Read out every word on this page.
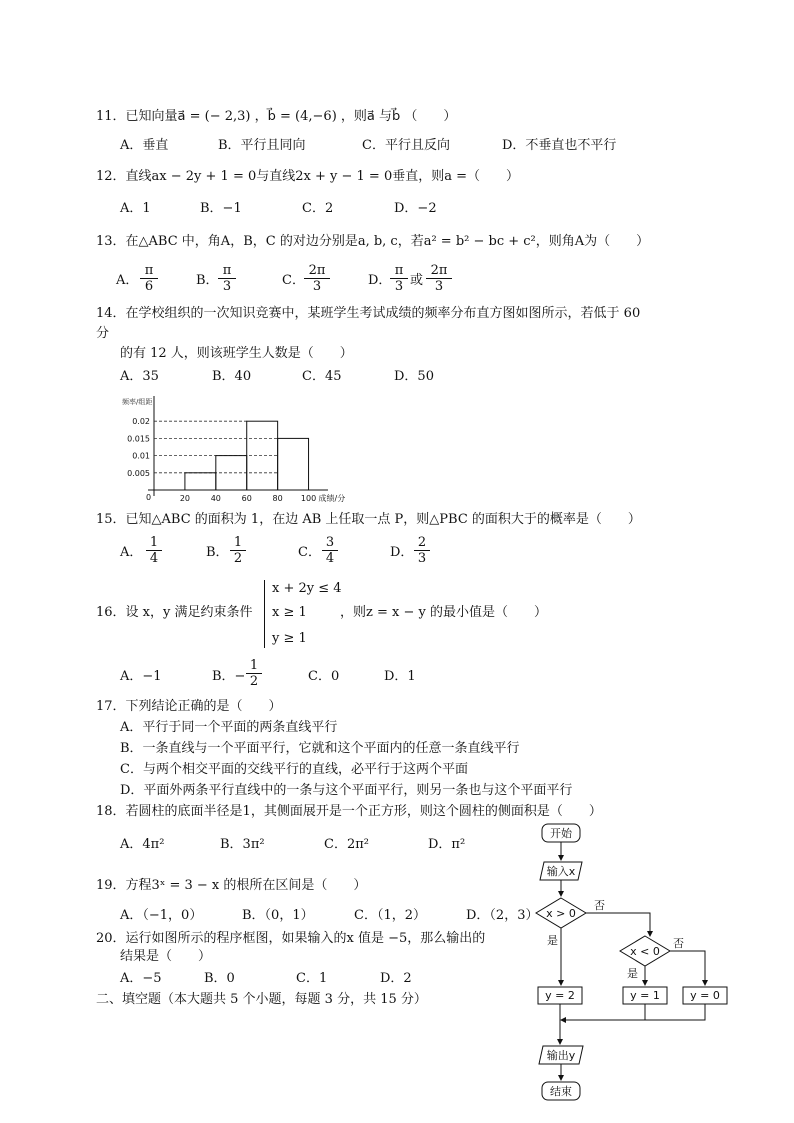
11．已知向量a⃗ = (− 2,3) ，b⃗ = (4,−6) ，则a⃗ 与b⃗ （　　）
A．垂直	B．平行且同向	C．平行且反向	D．不垂直也不平行
12．直线ax − 2y + 1 = 0与直线2x + y − 1 = 0垂直，则a =（　　）
A．1	B．−1	C．2	D．−2
13．在△ABC 中，角A，B，C 的对边分别是a, b, c，若a² = b² − bc + c²，则角A为（　　）
A． $\frac{\pi}{6}$	B． $\frac{\pi}{3}$	C． $\frac{2\pi}{3}$	D．
$\frac{\pi}{3}$ 或 $\frac{2\pi}{3}$
14．在学校组织的一次知识竞赛中，某班学生考试成绩的频率分布直方图如图所示，若低于 60
分
的有 12 人，则该班学生人数是（　　）
A．35	B．40	C．45	D．50
频率/组距
0
0.005
0.01
0.015
0.02
20	40	60	80 100 成绩/分
15．已知△ABC 的面积为 1，在边 AB 上任取一点 P，则△PBC 的面积大于的概率是（　　）
A． $\frac{1}{4}$	B． $\frac{1}{2}$	C． $\frac{3}{4}$	D． $\frac{2}{3}$
16．设 x，y 满足约束条件
x + 2y ≤ 4
x ≥ 1
y ≥ 1
，则z = x − y 的最小值是（　　）
A．−1	B．− $\frac{1}{2}$	C．0	D．1
17．下列结论正确的是（　　）
A．平行于同一个平面的两条直线平行
B．一条直线与一个平面平行，它就和这个平面内的任意一条直线平行
C．与两个相交平面的交线平行的直线，必平行于这两个平面
D．平面外两条平行直线中的一条与这个平面平行，则另一条也与这个平面平行
18．若圆柱的底面半径是1，其侧面展开是一个正方形，则这个圆柱的侧面积是（　　）
A．4π²	B．3π²	C．2π²	D．π²
19．方程3ˣ = 3 − x 的根所在区间是（　　）
A．（−1，0）	B．（0，1）	C．（1，2）	D．（2，3）
20．运行如图所示的程序框图，如果输入的x 值是 −5，那么输出的
结果是（　　）
A．−5	B．0	C．1	D．2
二、填空题（本大题共 5 个小题，每题 3 分，共 15 分）
开始
输入x
x > 0
否
是
x < 0
否
是
y = 2	y = 1	y = 0
输出y
结束
